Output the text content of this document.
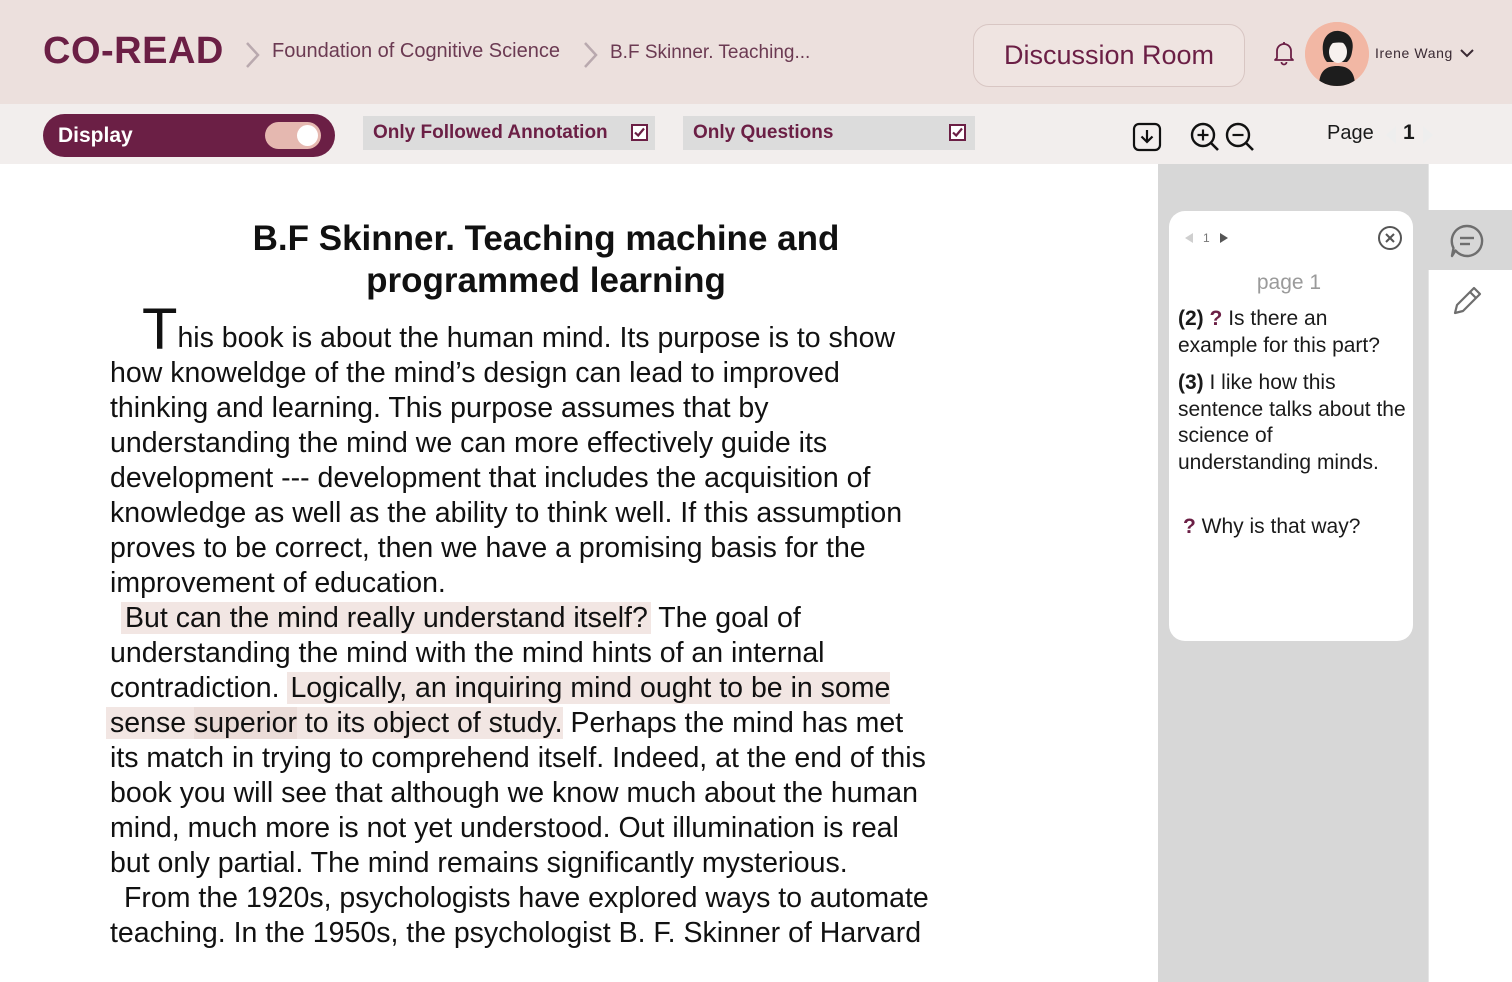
CO-READ Foundation of Cognitive Science	B.F Skinner. Teaching...	Discussion Room	Irene Wang
Display	Only Followed Annotation	Only Questions	Page 1
B.F Skinner. Teaching machine and
programmed learning
This book is about the human mind. Its purpose is to show
how knoweldge of the mind’s design can lead to improved
thinking and learning. This purpose assumes that by
understanding the mind we can more effectively guide its
development --- development that includes the acquisition of
knowledge as well as the ability to think well. If this assumption
proves to be correct, then we have a promising basis for the
improvement of education.
But can the mind really understand itself? The goal of
understanding the mind with the mind hints of an internal
contradiction. Logically, an inquiring mind ought to be in some
sense superior to its object of study. Perhaps the mind has met
its match in trying to comprehend itself. Indeed, at the end of this
book you will see that although we know much about the human
mind, much more is not yet understood. Out illumination is real
but only partial. The mind remains significantly mysterious.
From the 1920s, psychologists have explored ways to automate
teaching. In the 1950s, the psychologist B. F. Skinner of Harvard
1
page 1
(2) ? Is there an example for this part?
(3) I like how this sentence talks about the science of understanding minds.
? Why is that way?
